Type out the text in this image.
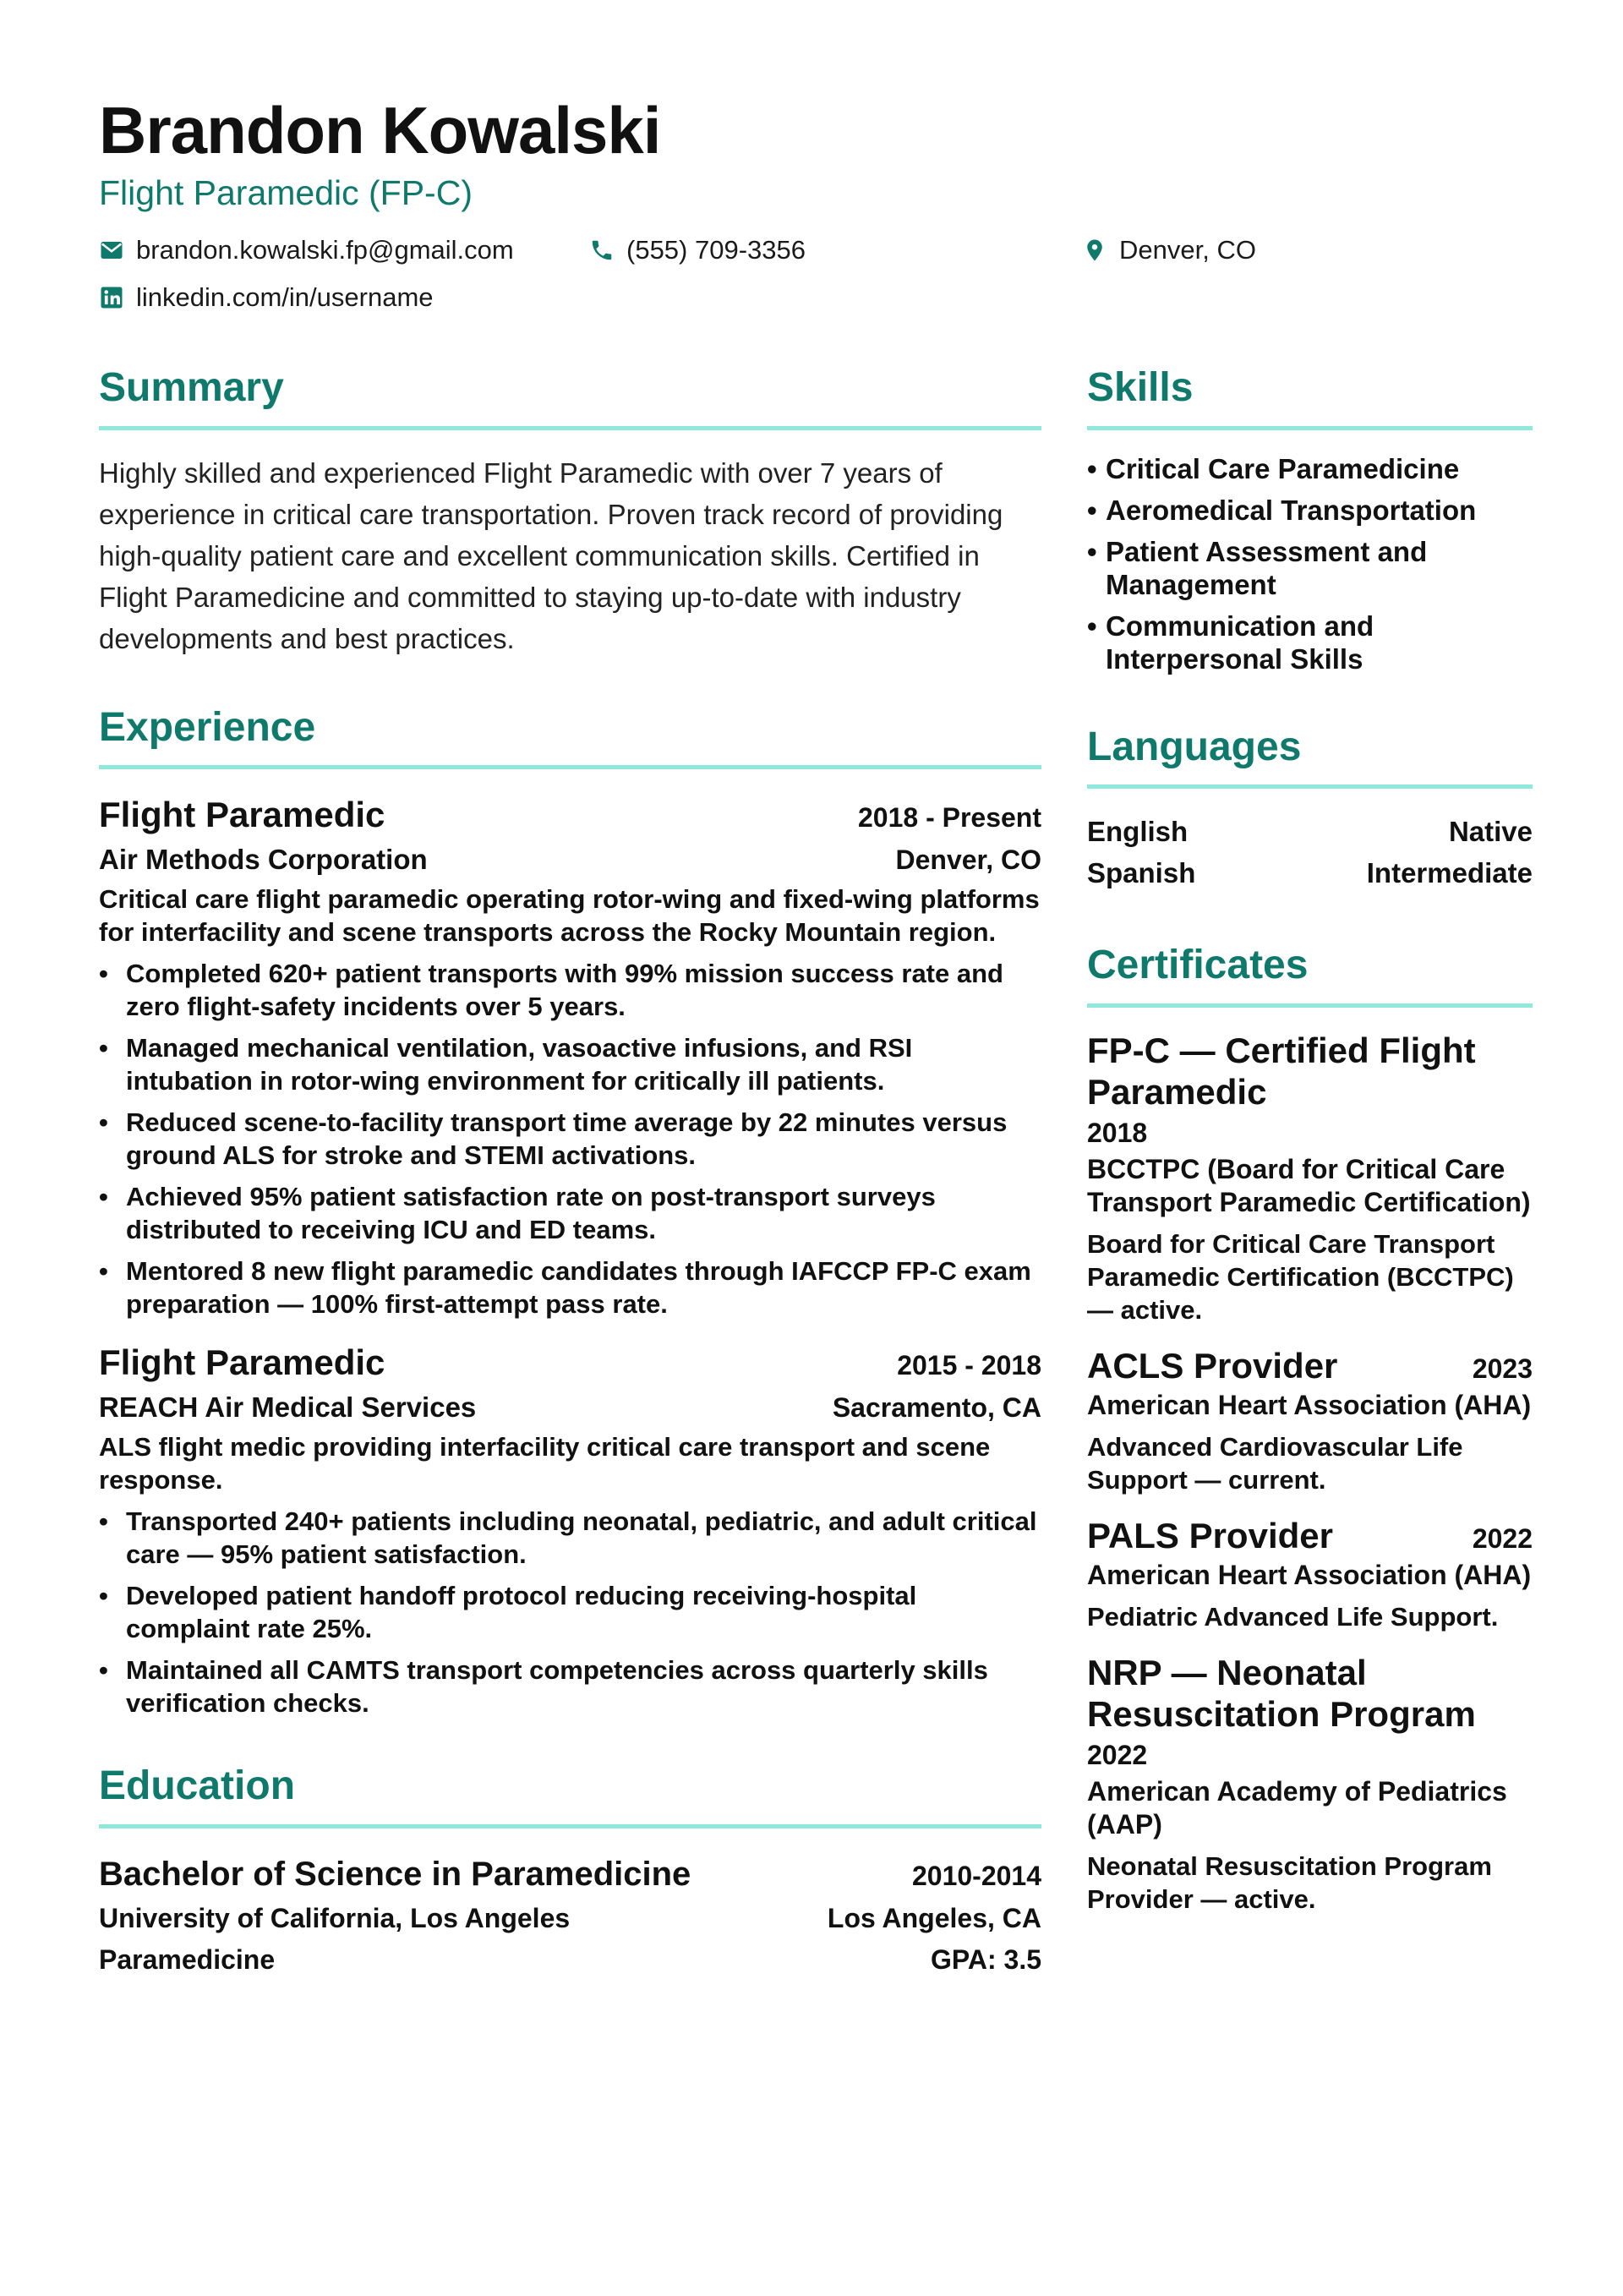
Brandon Kowalski
Flight Paramedic (FP-C)
brandon.kowalski.fp@gmail.com	(555) 709-3356	Denver, CO
linkedin.com/in/username
Summary

Highly skilled and experienced Flight Paramedic with over 7 years of experience in critical care transportation. Proven track record of providing high-quality patient care and excellent communication skills. Certified in Flight Paramedicine and committed to staying up-to-date with industry developments and best practices.

Experience
Flight Paramedic	2018 - Present
Air Methods Corporation	Denver, CO
Critical care flight paramedic operating rotor-wing and fixed-wing platforms for interfacility and scene transports across the Rocky Mountain region.
• Completed 620+ patient transports with 99% mission success rate and zero flight-safety incidents over 5 years.
• Managed mechanical ventilation, vasoactive infusions, and RSI intubation in rotor-wing environment for critically ill patients.
• Reduced scene-to-facility transport time average by 22 minutes versus ground ALS for stroke and STEMI activations.
• Achieved 95% patient satisfaction rate on post-transport surveys distributed to receiving ICU and ED teams.
• Mentored 8 new flight paramedic candidates through IAFCCP FP-C exam preparation — 100% first-attempt pass rate.
Flight Paramedic	2015 - 2018
REACH Air Medical Services	Sacramento, CA
ALS flight medic providing interfacility critical care transport and scene response.
• Transported 240+ patients including neonatal, pediatric, and adult critical care — 95% patient satisfaction.
• Developed patient handoff protocol reducing receiving-hospital complaint rate 25%.
• Maintained all CAMTS transport competencies across quarterly skills verification checks.
Education
Bachelor of Science in Paramedicine	2010-2014
University of California, Los Angeles	Los Angeles, CA
Paramedicine	GPA: 3.5
Skills
• Critical Care Paramedicine
• Aeromedical Transportation
• Patient Assessment and Management
• Communication and Interpersonal Skills
Languages
English	Native
Spanish	Intermediate
Certificates
FP-C — Certified Flight Paramedic
2018
BCCTPC (Board for Critical Care Transport Paramedic Certification)
Board for Critical Care Transport Paramedic Certification (BCCTPC) — active.
ACLS Provider	2023
American Heart Association (AHA)
Advanced Cardiovascular Life Support — current.
PALS Provider	2022
American Heart Association (AHA)
Pediatric Advanced Life Support.
NRP — Neonatal Resuscitation Program
2022
American Academy of Pediatrics (AAP)
Neonatal Resuscitation Program Provider — active.
